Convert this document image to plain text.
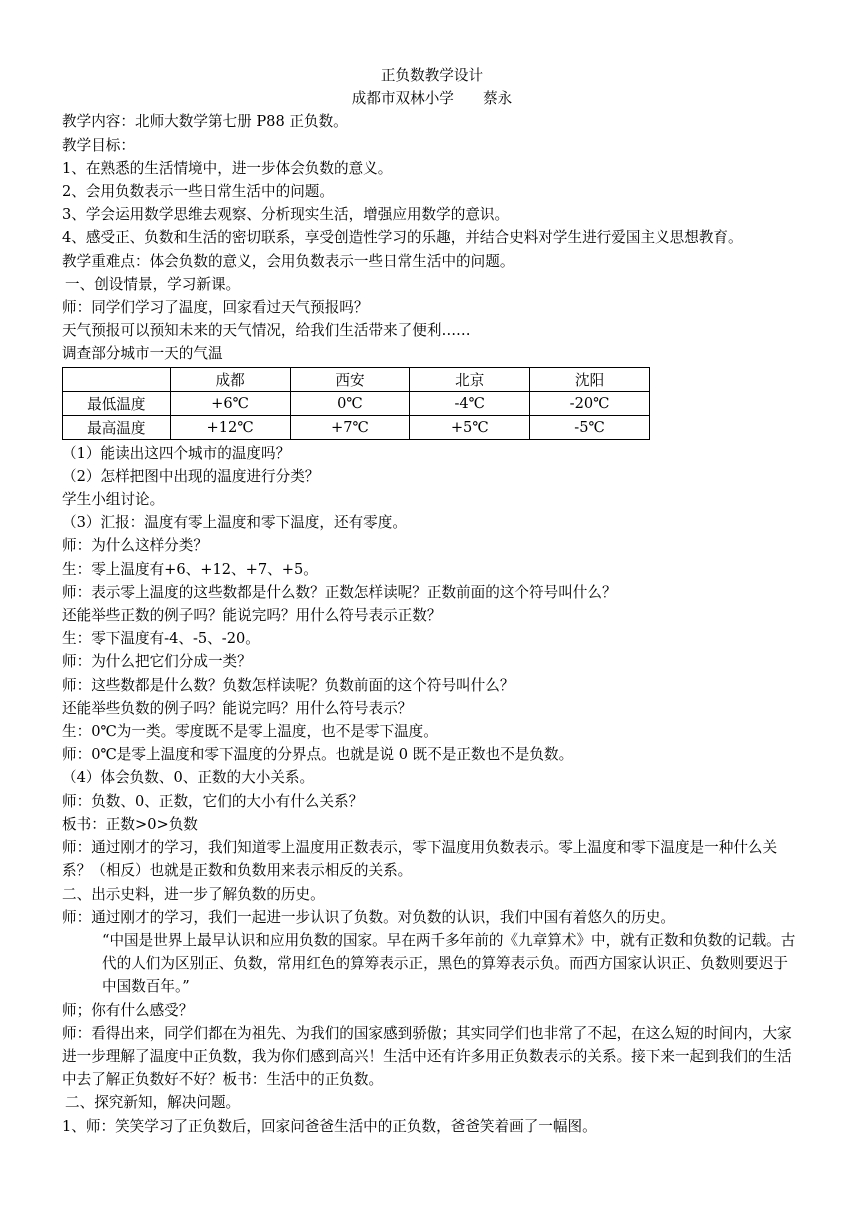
正负数教学设计
成都市双林小学　　蔡永
教学内容：北师大数学第七册 P88 正负数。
教学目标：
1、在熟悉的生活情境中，进一步体会负数的意义。
2、会用负数表示一些日常生活中的问题。
3、学会运用数学思维去观察、分析现实生活，增强应用数学的意识。
4、感受正、负数和生活的密切联系，享受创造性学习的乐趣，并结合史料对学生进行爱国主义思想教育。
教学重难点：体会负数的意义，会用负数表示一些日常生活中的问题。
一、创设情景，学习新课。
师：同学们学习了温度，回家看过天气预报吗？
天气预报可以预知未来的天气情况，给我们生活带来了便利……
调查部分城市一天的气温
	成都	西安	北京	沈阳
最低温度	+6℃	0℃	-4℃	-20℃
最高温度	+12℃	+7℃	+5℃	-5℃
（1）能读出这四个城市的温度吗？
（2）怎样把图中出现的温度进行分类？
学生小组讨论。
（3）汇报：温度有零上温度和零下温度，还有零度。
师：为什么这样分类？
生：零上温度有+6、+12、+7、+5。
师：表示零上温度的这些数都是什么数？正数怎样读呢？正数前面的这个符号叫什么？
还能举些正数的例子吗？能说完吗？用什么符号表示正数？
生：零下温度有-4、-5、-20。
师：为什么把它们分成一类？
师：这些数都是什么数？负数怎样读呢？负数前面的这个符号叫什么？
还能举些负数的例子吗？能说完吗？用什么符号表示？
生：0℃为一类。零度既不是零上温度，也不是零下温度。
师：0℃是零上温度和零下温度的分界点。也就是说 0 既不是正数也不是负数。
（4）体会负数、0、正数的大小关系。
师：负数、0、正数，它们的大小有什么关系？
板书：正数>0>负数
师：通过刚才的学习，我们知道零上温度用正数表示，零下温度用负数表示。零上温度和零下温度是一种什么关系？（相反）也就是正数和负数用来表示相反的关系。
二、出示史料，进一步了解负数的历史。
师：通过刚才的学习，我们一起进一步认识了负数。对负数的认识，我们中国有着悠久的历史。
“中国是世界上最早认识和应用负数的国家。早在两千多年前的《九章算术》中，就有正数和负数的记载。古代的人们为区别正、负数，常用红色的算筹表示正，黑色的算筹表示负。而西方国家认识正、负数则要迟于中国数百年。”
师；你有什么感受？
师：看得出来，同学们都在为祖先、为我们的国家感到骄傲；其实同学们也非常了不起，在这么短的时间内，大家进一步理解了温度中正负数，我为你们感到高兴！生活中还有许多用正负数表示的关系。接下来一起到我们的生活中去了解正负数好不好？板书：生活中的正负数。
二、探究新知，解决问题。
1、师：笑笑学习了正负数后，回家问爸爸生活中的正负数，爸爸笑着画了一幅图。
